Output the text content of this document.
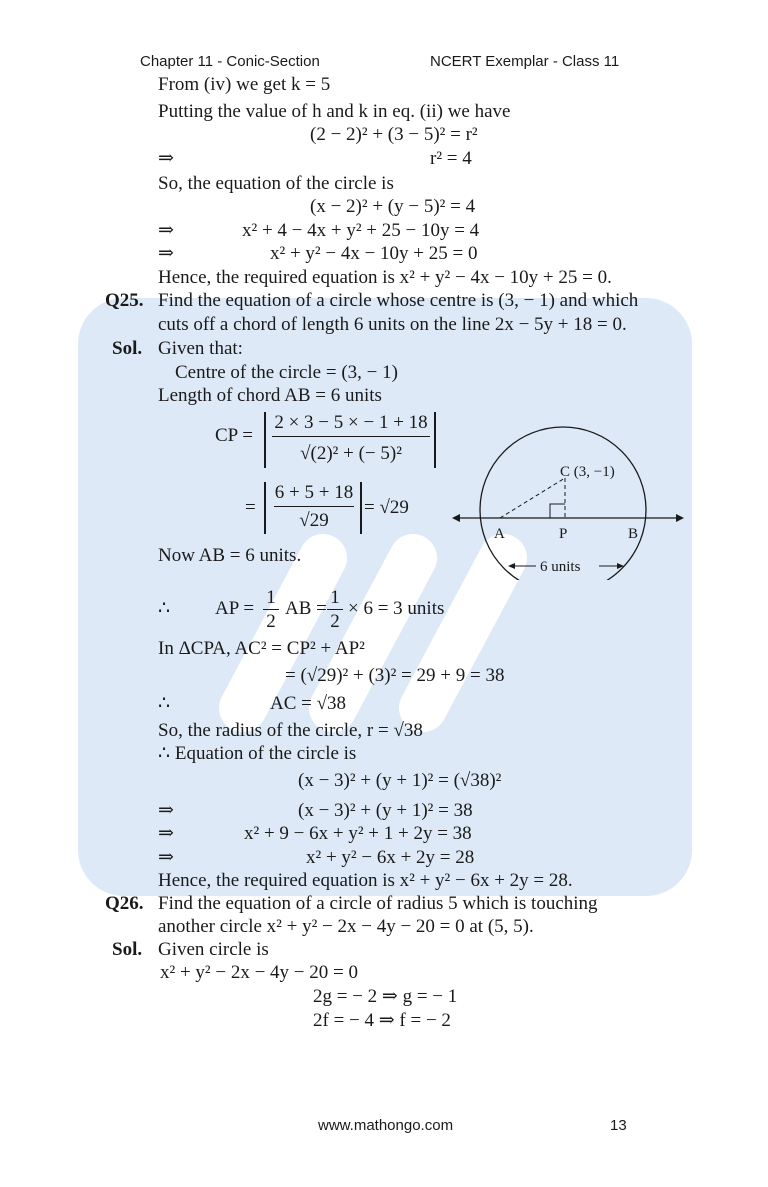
Chapter 11 - Conic-Section	NCERT Exemplar - Class 11
From (iv) we get k = 5
Putting the value of h and k in eq. (ii) we have
(2 − 2)² + (3 − 5)² = r²
⇒	r² = 4
So, the equation of the circle is
(x − 2)² + (y − 5)² = 4
⇒	x² + 4 − 4x + y² + 25 − 10y = 4
⇒	x² + y² − 4x − 10y + 25 = 0
Hence, the required equation is x² + y² − 4x − 10y + 25 = 0.
Q25. Find the equation of a circle whose centre is (3, − 1) and which
cuts off a chord of length 6 units on the line 2x − 5y + 18 = 0.
Sol. Given that:
Centre of the circle = (3, − 1)
Length of chord AB = 6 units
CP =
2 × 3 − 5 × − 1 + 18
√(2)² + (− 5)²
=
6 + 5 + 18
√29
= √29
Now AB = 6 units.
∴ AP =
1
2
AB =
1
2
× 6 = 3 units
In ΔCPA, AC² = CP² + AP²
= (√29)² + (3)² = 29 + 9 = 38
∴	AC = √38
So, the radius of the circle, r = √38
∴ Equation of the circle is
(x − 3)² + (y + 1)² = (√38)²
⇒	(x − 3)² + (y + 1)² = 38
⇒	x² + 9 − 6x + y² + 1 + 2y = 38
⇒	x² + y² − 6x + 2y = 28
Hence, the required equation is x² + y² − 6x + 2y = 28.
Q26. Find the equation of a circle of radius 5 which is touching
another circle x² + y² − 2x − 4y − 20 = 0 at (5, 5).
Sol. Given circle is
x² + y² − 2x − 4y − 20 = 0
2g = − 2 ⇒ g = − 1
2f = − 4 ⇒ f = − 2
C (3, −1)
A	P	B
6 units
www.mathongo.com	13
